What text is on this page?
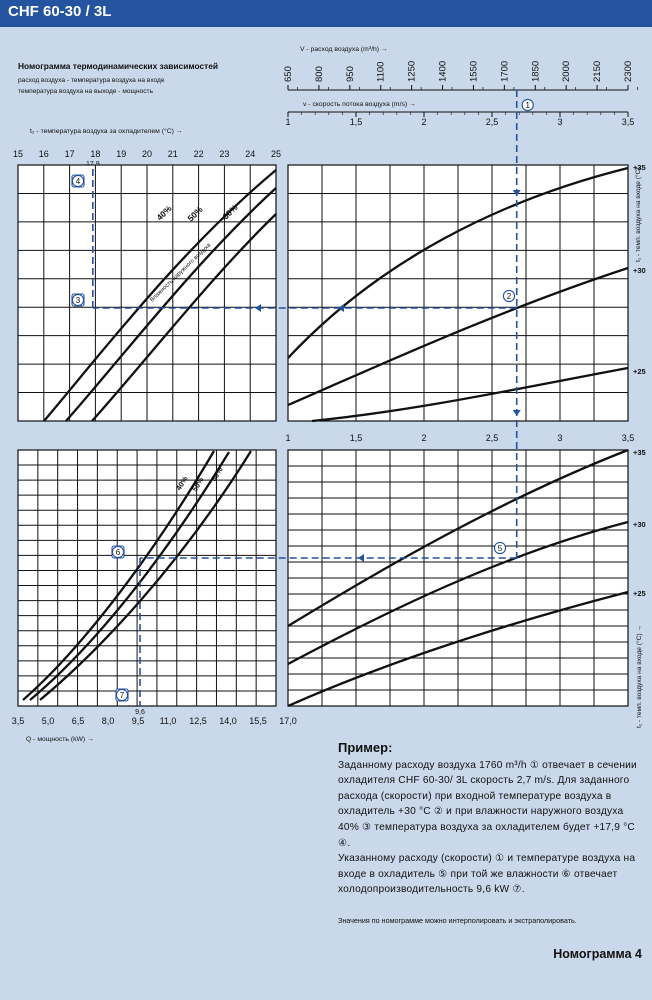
CHF 60-30 / 3L
Номограмма термодинамических зависимостей
расход воздуха - температура воздуха на входе
температура воздуха на выходе - мощность
V - расход воздуха (m³/h) →
650 800 950 1100 1250 1400 1550 1700 1850 2000 2150 2300
v - скорость потока воздуха (m/s) →
1	1,5	2	2,5	3	3,5
t₂ - температура воздуха за охладителем (°C) →
15 16 17 18 19 20 21 22 23 24 25
1	1,5	2	2,5	3	3,5
3,5 5,0 6,5 8,0 9,5 11,0 12,5 14,0 15,5 17,0
9,6
Q - мощность (kW) →
+35
+30
+25
+35
+30
+25
t₁ - темп. воздуха на входе (°C)
t₁ - темп. воздуха на входе (°C) →
40% 50% 60%
Влажность наружного воздуха
40% 50%
60%
1
2
3
4
5
6
7
Пример:
Заданному расходу воздуха 1760 m³/h ① отвечает в сечении охладителя CHF 60-30/ 3L скорость 2,7 m/s. Для заданного расхода (скорости) при входной температуре воздуха в охладитель +30 °C ② и при влажности наружного воздуха 40% ③ температура воздуха за охладителем будет +17,9 °C ④.
Указанному расходу (скорости) ① и температуре воздуха на входе в охладитель ⑤ при той же влажности ⑥ отвечает холодопроизводительность 9,6 kW ⑦.
Значения по номограмме можно интерполировать и экстраполировать.
Номограмма 4
